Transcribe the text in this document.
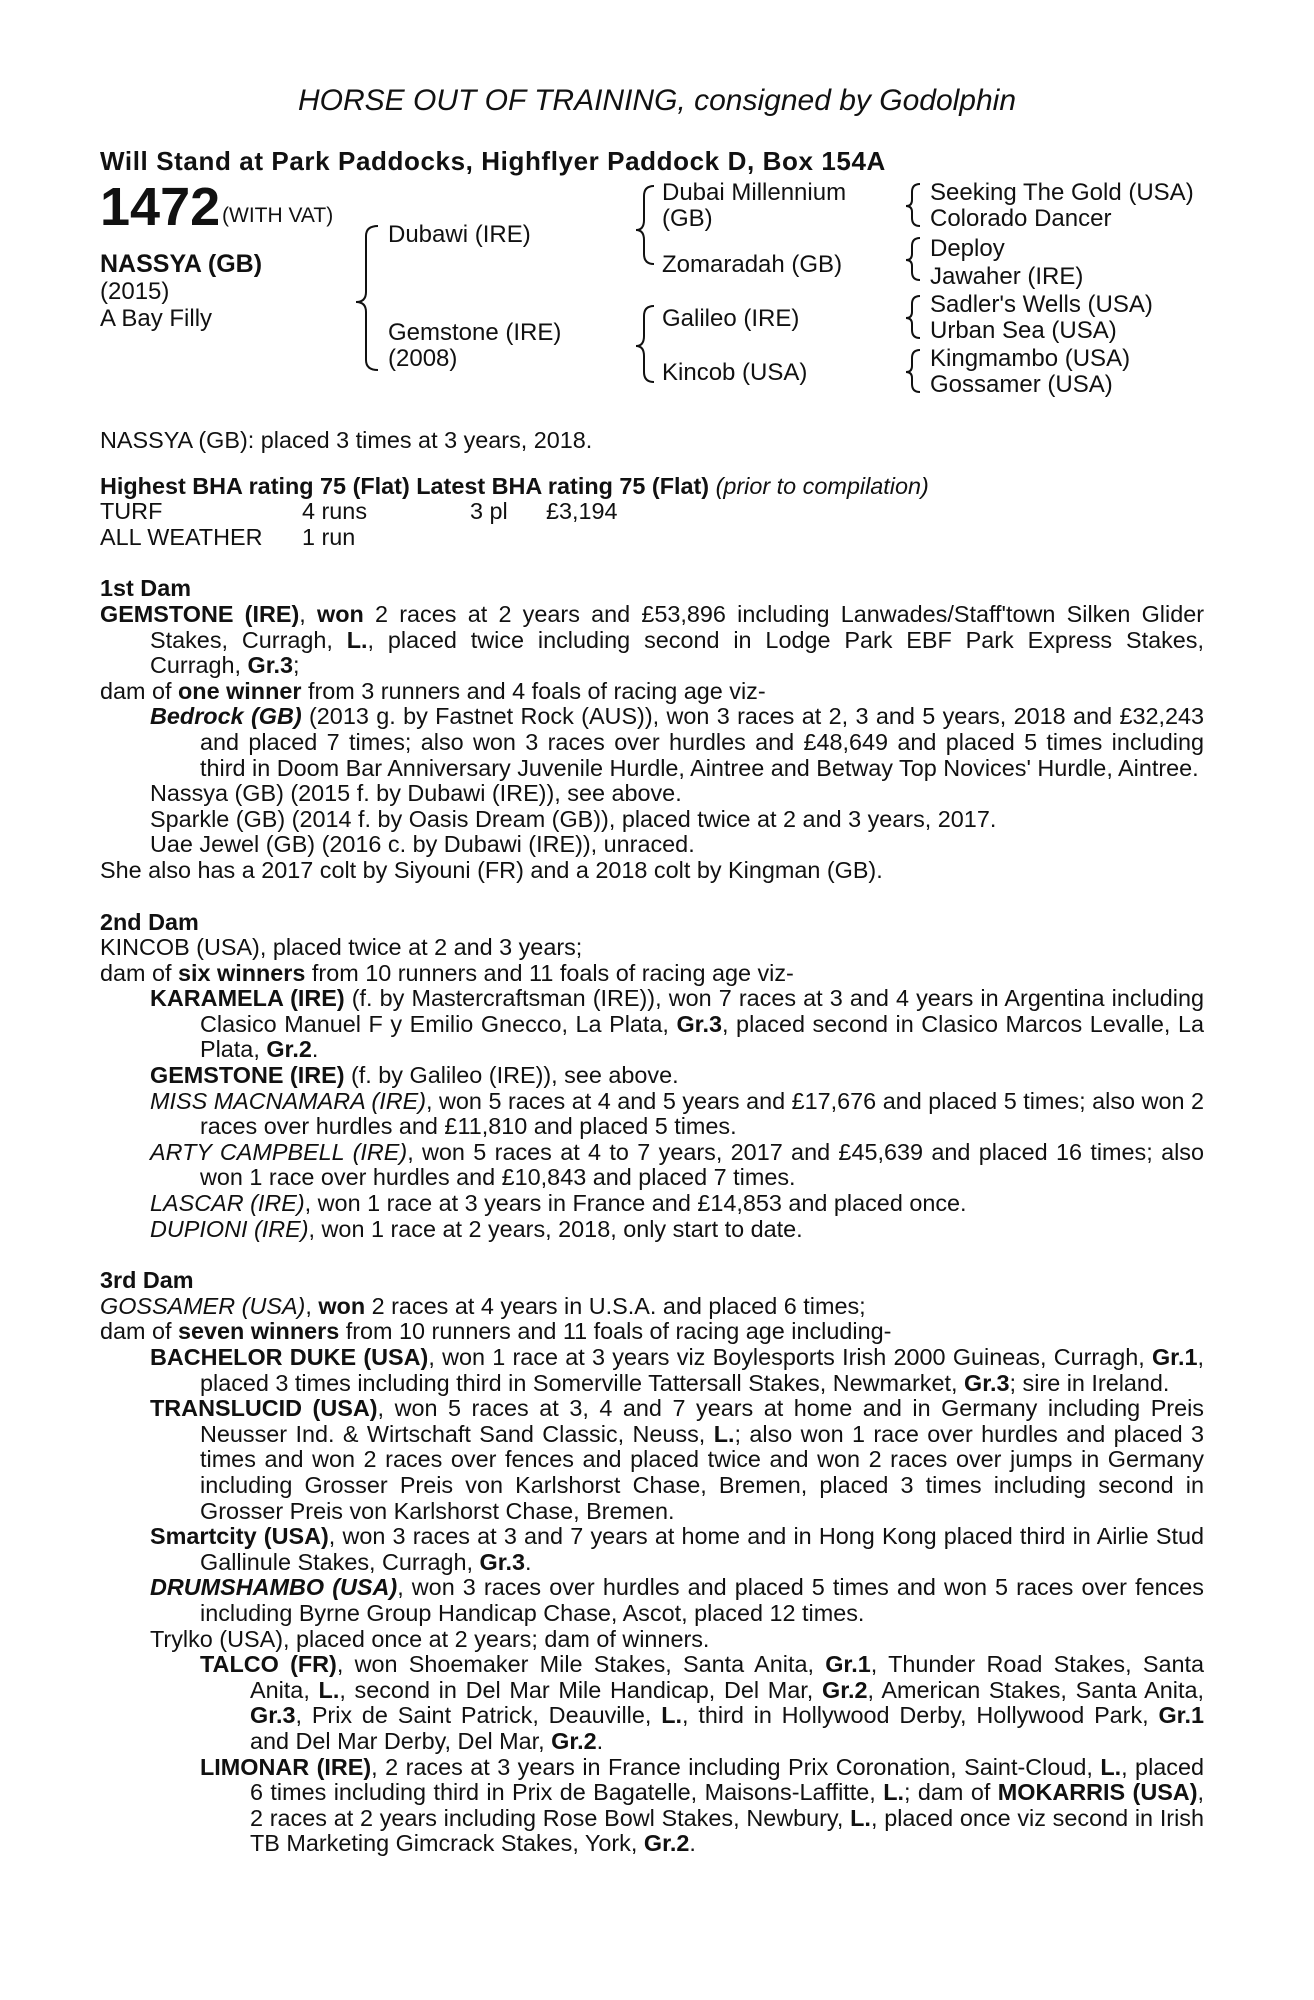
HORSE OUT OF TRAINING, consigned by Godolphin
Will Stand at Park Paddocks, Highflyer Paddock D, Box 154A
1472 (WITH VAT)
NASSYA (GB)
(2015)
A Bay Filly
Dubawi (IRE)
Gemstone (IRE)
(2008)
Dubai Millennium
(GB)
Zomaradah (GB)
Galileo (IRE)
Kincob (USA)
Seeking The Gold (USA)
Colorado Dancer
Deploy
Jawaher (IRE)
Sadler's Wells (USA)
Urban Sea (USA)
Kingmambo (USA)
Gossamer (USA)

NASSYA (GB): placed 3 times at 3 years, 2018.

Highest BHA rating 75 (Flat) Latest BHA rating 75 (Flat) (prior to compilation)

TURF	4 runs	3 pl £3,194

ALL WEATHER 1 run

1st Dam

GEMSTONE (IRE), won 2 races at 2 years and £53,896 including Lanwades/Staff'town Silken Glider Stakes, Curragh, L., placed twice including second in Lodge Park EBF Park Express Stakes, Curragh, Gr.3;

dam of one winner from 3 runners and 4 foals of racing age viz-

Bedrock (GB) (2013 g. by Fastnet Rock (AUS)), won 3 races at 2, 3 and 5 years, 2018 and £32,243 and placed 7 times; also won 3 races over hurdles and £48,649 and placed 5 times including third in Doom Bar Anniversary Juvenile Hurdle, Aintree and Betway Top Novices' Hurdle, Aintree.

Nassya (GB) (2015 f. by Dubawi (IRE)), see above.

Sparkle (GB) (2014 f. by Oasis Dream (GB)), placed twice at 2 and 3 years, 2017.

Uae Jewel (GB) (2016 c. by Dubawi (IRE)), unraced.

She also has a 2017 colt by Siyouni (FR) and a 2018 colt by Kingman (GB).

2nd Dam

KINCOB (USA), placed twice at 2 and 3 years;

dam of six winners from 10 runners and 11 foals of racing age viz-

KARAMELA (IRE) (f. by Mastercraftsman (IRE)), won 7 races at 3 and 4 years in Argentina including Clasico Manuel F y Emilio Gnecco, La Plata, Gr.3, placed second in Clasico Marcos Levalle, La Plata, Gr.2.

GEMSTONE (IRE) (f. by Galileo (IRE)), see above.

MISS MACNAMARA (IRE), won 5 races at 4 and 5 years and £17,676 and placed 5 times; also won 2 races over hurdles and £11,810 and placed 5 times.

ARTY CAMPBELL (IRE), won 5 races at 4 to 7 years, 2017 and £45,639 and placed 16 times; also won 1 race over hurdles and £10,843 and placed 7 times.

LASCAR (IRE), won 1 race at 3 years in France and £14,853 and placed once.

DUPIONI (IRE), won 1 race at 2 years, 2018, only start to date.

3rd Dam

GOSSAMER (USA), won 2 races at 4 years in U.S.A. and placed 6 times;

dam of seven winners from 10 runners and 11 foals of racing age including-

BACHELOR DUKE (USA), won 1 race at 3 years viz Boylesports Irish 2000 Guineas, Curragh, Gr.1, placed 3 times including third in Somerville Tattersall Stakes, Newmarket, Gr.3; sire in Ireland.

TRANSLUCID (USA), won 5 races at 3, 4 and 7 years at home and in Germany including Preis Neusser Ind. & Wirtschaft Sand Classic, Neuss, L.; also won 1 race over hurdles and placed 3 times and won 2 races over fences and placed twice and won 2 races over jumps in Germany including Grosser Preis von Karlshorst Chase, Bremen, placed 3 times including second in Grosser Preis von Karlshorst Chase, Bremen.

Smartcity (USA), won 3 races at 3 and 7 years at home and in Hong Kong placed third in Airlie Stud Gallinule Stakes, Curragh, Gr.3.

DRUMSHAMBO (USA), won 3 races over hurdles and placed 5 times and won 5 races over fences including Byrne Group Handicap Chase, Ascot, placed 12 times.

Trylko (USA), placed once at 2 years; dam of winners.

TALCO (FR), won Shoemaker Mile Stakes, Santa Anita, Gr.1, Thunder Road Stakes, Santa Anita, L., second in Del Mar Mile Handicap, Del Mar, Gr.2, American Stakes, Santa Anita, Gr.3, Prix de Saint Patrick, Deauville, L., third in Hollywood Derby, Hollywood Park, Gr.1 and Del Mar Derby, Del Mar, Gr.2.

LIMONAR (IRE), 2 races at 3 years in France including Prix Coronation, Saint-Cloud, L., placed 6 times including third in Prix de Bagatelle, Maisons-Laffitte, L.; dam of MOKARRIS (USA), 2 races at 2 years including Rose Bowl Stakes, Newbury, L., placed once viz second in Irish TB Marketing Gimcrack Stakes, York, Gr.2.
